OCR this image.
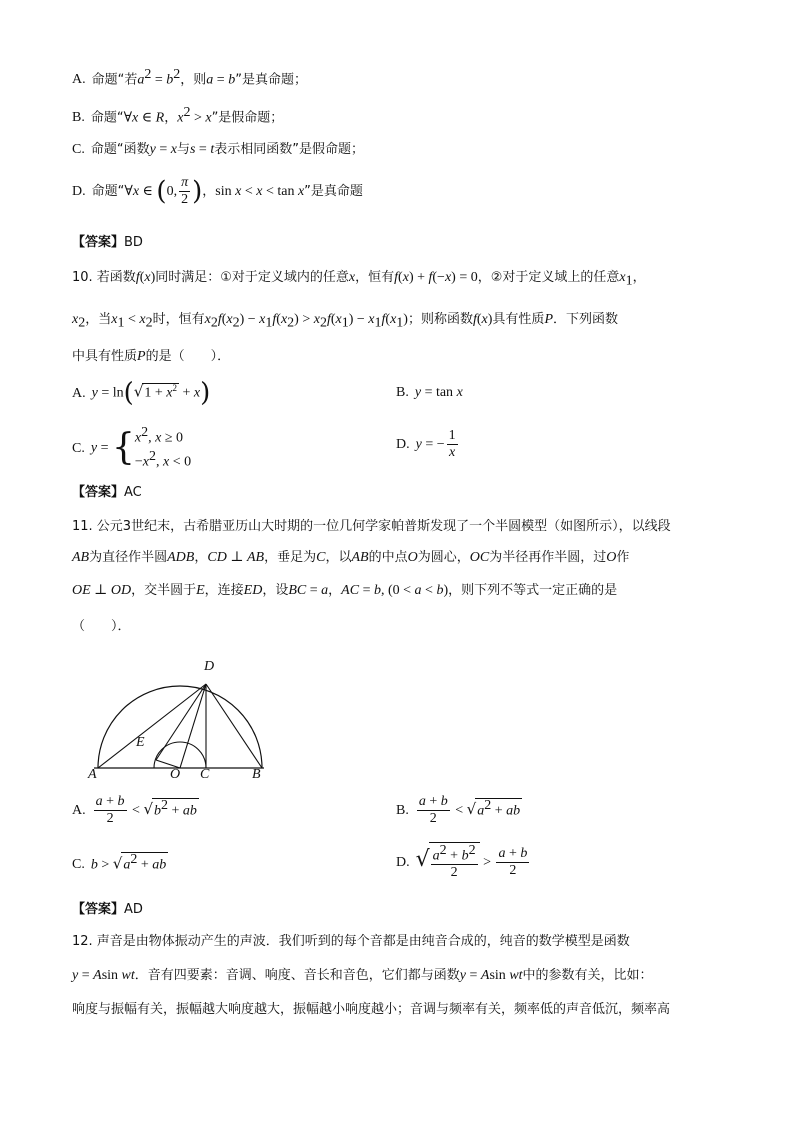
A. 命题“若$a^2 = b^2$，则a = b”是真命题；
B. 命题“∀x ∈ R，$x^2 > x$”是假命题；
C. 命题“函数y = x与s = t表示相同函数”是假命题；
D. 命题“∀x ∈ (0, $\frac{\pi}{2}$ )，sin x < x < tan x”是真命题
【答案】BD
10. 若函数f(x)同时满足：①对于定义域内的任意x，恒有f(x) + f(−x) = 0，②对于定义域上的任意$x_1$，
$x_2$，当$x_1 < x_2$时，恒有$x_2f(x_2) - x_1f(x_2) > x_2f(x_1) - x_1f(x_1)$；则称函数f(x)具有性质P．下列函数
中具有性质P的是（　　）．
A. $y = \ln(√1 + x^2 + x)$	B. y = tan x
C. y = { $x^2$, x ≥ 0
$-x^2$, x < 0
D. y = − $\frac{1}{x}$
【答案】AC
11. 公元3世纪末，古希腊亚历山大时期的一位几何学家帕普斯发现了一个半圆模型（如图所示），以线段
AB为直径作半圆ADB，CD ⊥ AB，垂足为C，以AB的中点O为圆心，OC为半径再作半圆，过O作
OE ⊥ OD，交半圆于E，连接ED，设BC = a，AC = b, (0 < a < b)，则下列不等式一定正确的是
（　　）．
D
E
A	O C	B
A. $\frac{a + b}{2} < √b^2$ + ab	B. $\frac{a + b}{2} < √a^2$ + ab
C. $b > √a^2$ + ab	D. √ $\frac{a^2 + b^2}{2} > \frac{a + b}{2}$
【答案】AD
12. 声音是由物体振动产生的声波．我们听到的每个音都是由纯音合成的，纯音的数学模型是函数
y = Asin wt．音有四要素：音调、响度、音长和音色，它们都与函数y = Asin wt中的参数有关，比如：
响度与振幅有关，振幅越大响度越大，振幅越小响度越小；音调与频率有关，频率低的声音低沉，频率高
